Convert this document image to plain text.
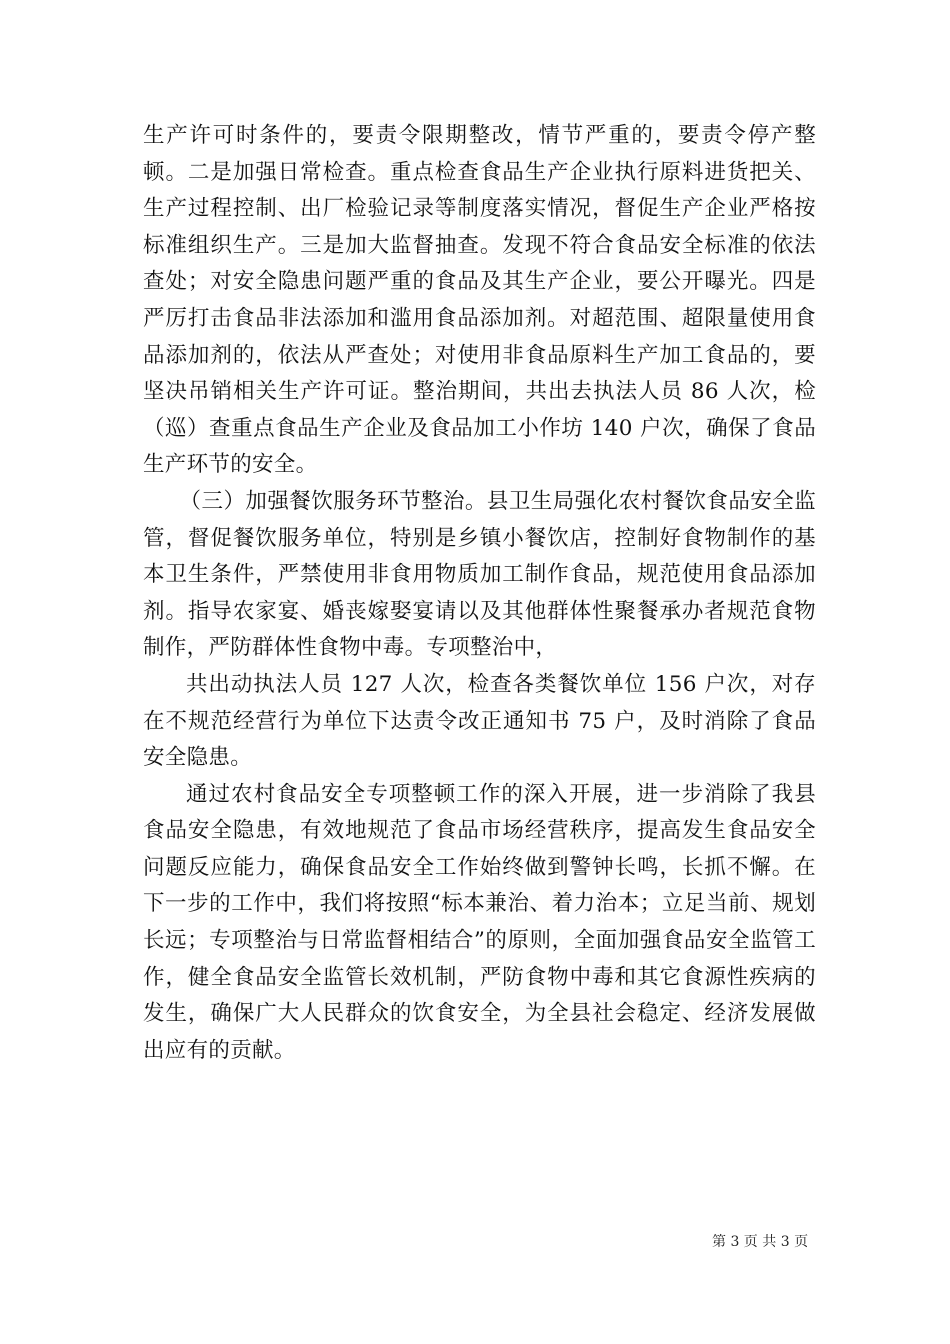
生产许可时条件的，要责令限期整改，情节严重的，要责令停产整顿。二是加强日常检查。重点检查食品生产企业执行原料进货把关、生产过程控制、出厂检验记录等制度落实情况，督促生产企业严格按标准组织生产。三是加大监督抽查。发现不符合食品安全标准的依法查处；对安全隐患问题严重的食品及其生产企业，要公开曝光。四是严厉打击食品非法添加和滥用食品添加剂。对超范围、超限量使用食品添加剂的，依法从严查处；对使用非食品原料生产加工食品的，要坚决吊销相关生产许可证。整治期间，共出去执法人员 86 人次，检（巡）查重点食品生产企业及食品加工小作坊 140 户次，确保了食品生产环节的安全。

（三）加强餐饮服务环节整治。县卫生局强化农村餐饮食品安全监管，督促餐饮服务单位，特别是乡镇小餐饮店，控制好食物制作的基本卫生条件，严禁使用非食用物质加工制作食品，规范使用食品添加剂。指导农家宴、婚丧嫁娶宴请以及其他群体性聚餐承办者规范食物制作，严防群体性食物中毒。专项整治中，

共出动执法人员 127 人次，检查各类餐饮单位 156 户次，对存在不规范经营行为单位下达责令改正通知书 75 户，及时消除了食品安全隐患。

通过农村食品安全专项整顿工作的深入开展，进一步消除了我县食品安全隐患，有效地规范了食品市场经营秩序，提高发生食品安全问题反应能力，确保食品安全工作始终做到警钟长鸣，长抓不懈。在下一步的工作中，我们将按照“标本兼治、着力治本；立足当前、规划长远；专项整治与日常监督相结合”的原则，全面加强食品安全监管工作，健全食品安全监管长效机制，严防食物中毒和其它食源性疾病的发生，确保广大人民群众的饮食安全，为全县社会稳定、经济发展做出应有的贡献。

第 3 页 共 3 页
